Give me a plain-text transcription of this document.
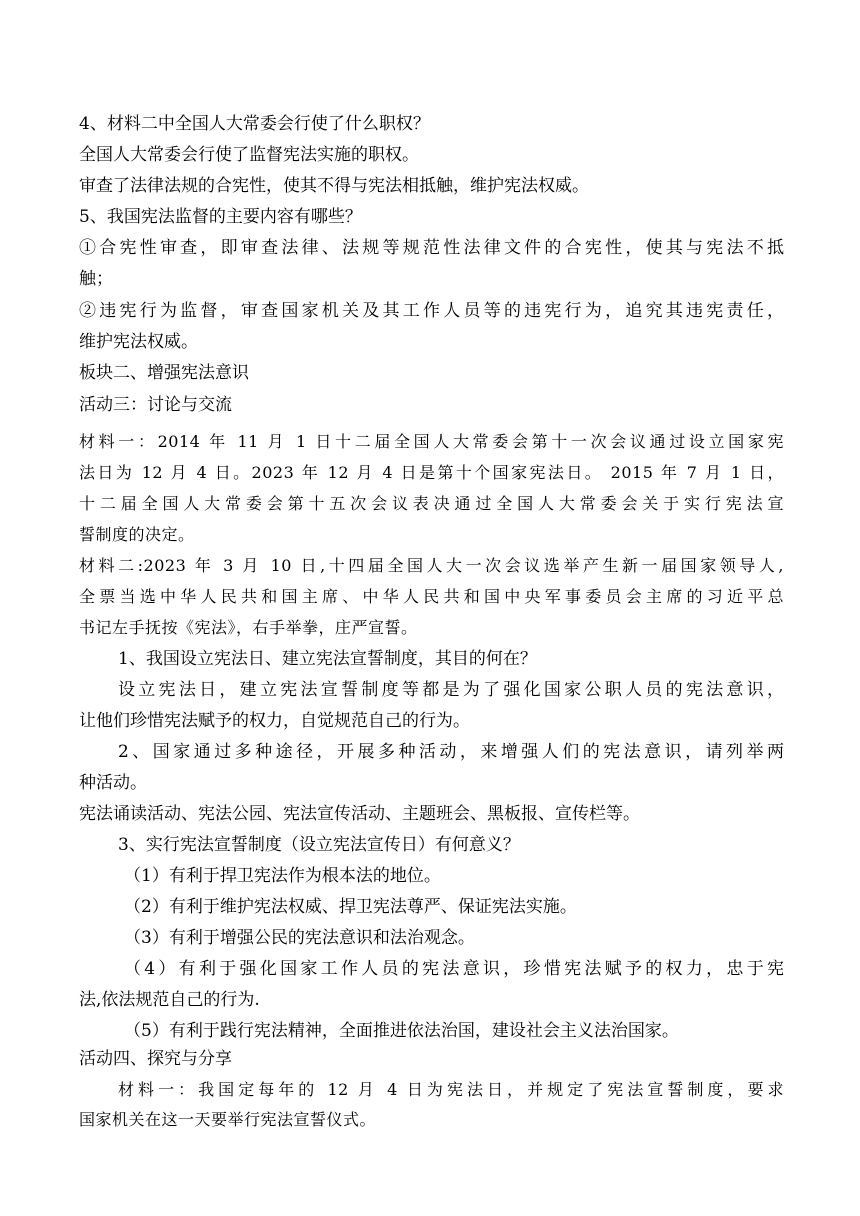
4、材料二中全国人大常委会行使了什么职权？
全国人大常委会行使了监督宪法实施的职权。
审查了法律法规的合宪性，使其不得与宪法相抵触，维护宪法权威。
5、我国宪法监督的主要内容有哪些？
①合宪性审查，即审查法律、法规等规范性法律文件的合宪性，使其与宪法不抵
触；
②违宪行为监督，审查国家机关及其工作人员等的违宪行为，追究其违宪责任，
维护宪法权威。
板块二、增强宪法意识
活动三：讨论与交流
材料一：2014 年 11 月 1 日十二届全国人大常委会第十一次会议通过设立国家宪
法日为 12 月 4 日。2023 年 12 月 4 日是第十个国家宪法日。 2015 年 7 月 1 日，
十二届全国人大常委会第十五次会议表决通过全国人大常委会关于实行宪法宣
誓制度的决定。
材料二:2023 年 3 月 10 日,十四届全国人大一次会议选举产生新一届国家领导人,
全票当选中华人民共和国主席、中华人民共和国中央军事委员会主席的习近平总
书记左手抚按《宪法》，右手举拳，庄严宣誓。
1、我国设立宪法日、建立宪法宣誓制度，其目的何在？
设立宪法日，建立宪法宣誓制度等都是为了强化国家公职人员的宪法意识，
让他们珍惜宪法赋予的权力，自觉规范自己的行为。
2、国家通过多种途径，开展多种活动，来增强人们的宪法意识，请列举两
种活动。
宪法诵读活动、宪法公园、宪法宣传活动、主题班会、黑板报、宣传栏等。
3、实行宪法宣誓制度（设立宪法宣传日）有何意义？
（1）有利于捍卫宪法作为根本法的地位。
（2）有利于维护宪法权威、捍卫宪法尊严、保证宪法实施。
（3）有利于增强公民的宪法意识和法治观念。
（4）有利于强化国家工作人员的宪法意识，珍惜宪法赋予的权力，忠于宪
法,依法规范自己的行为.
（5）有利于践行宪法精神，全面推进依法治国，建设社会主义法治国家。
活动四、探究与分享
材料一：我国定每年的 12 月 4 日为宪法日，并规定了宪法宣誓制度，要求
国家机关在这一天要举行宪法宣誓仪式。
